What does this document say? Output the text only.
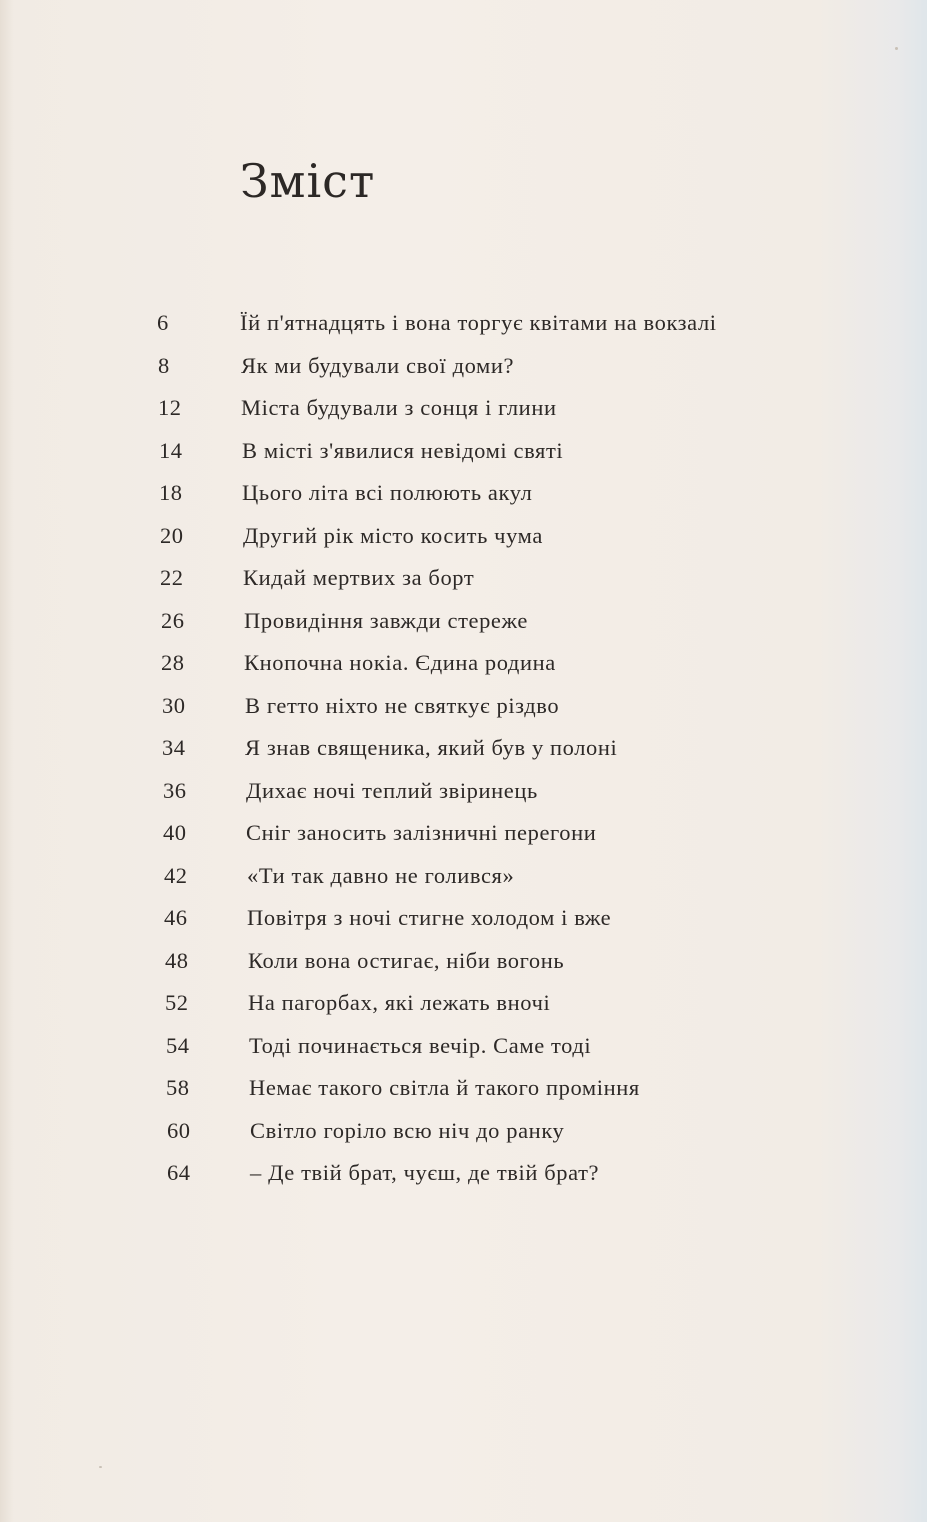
Зміст
6	Їй п'ятнадцять і вона торгує квітами на вокзалі
8	Як ми будували свої доми?
12	Міста будували з сонця і глини
14	В місті з'явилися невідомі святі
18	Цього літа всі полюють акул
20	Другий рік місто косить чума
22	Кидай мертвих за борт
26	Провидіння завжди стереже
28	Кнопочна нокіа. Єдина родина
30	В гетто ніхто не святкує різдво
34	Я знав священика, який був у полоні
36	Дихає ночі теплий звіринець
40	Сніг заносить залізничні перегони
42	«Ти так давно не голився»
46	Повітря з ночі стигне холодом і вже
48	Коли вона остигає, ніби вогонь
52	На пагорбах, які лежать вночі
54	Тоді починається вечір. Саме тоді
58	Немає такого світла й такого проміння
60	Світло горіло всю ніч до ранку
64	– Де твій брат, чуєш, де твій брат?
